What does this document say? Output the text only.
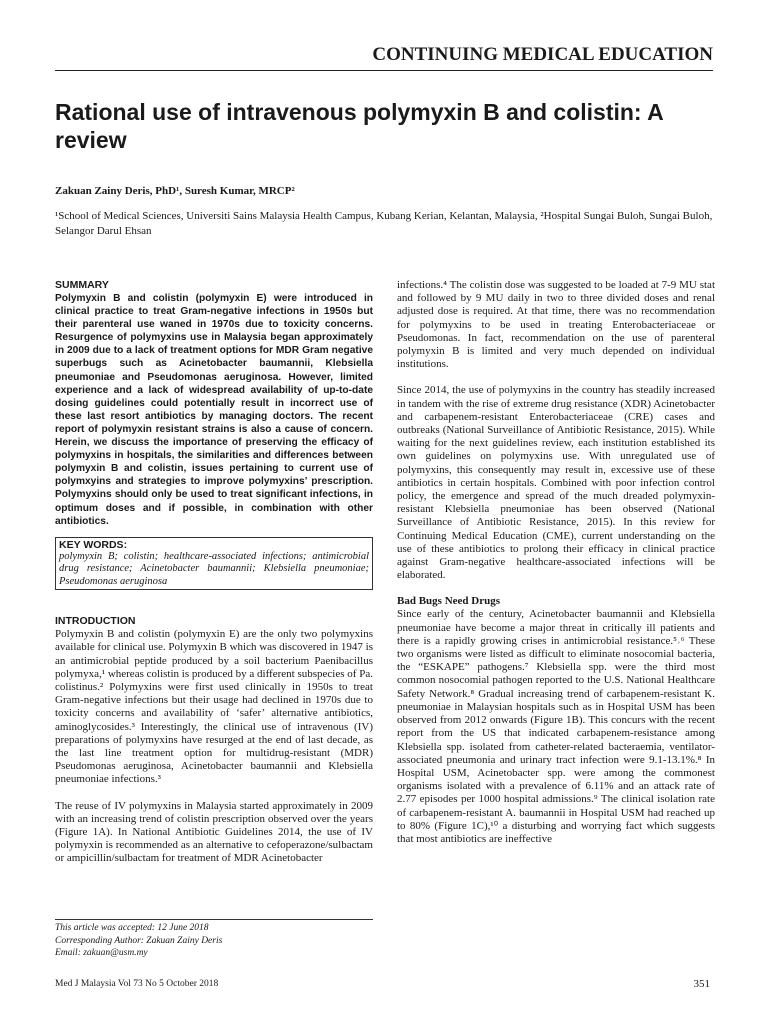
CONTINUING MEDICAL EDUCATION
Rational use of intravenous polymyxin B and colistin: A review
Zakuan Zainy Deris, PhD¹, Suresh Kumar, MRCP²
¹School of Medical Sciences, Universiti Sains Malaysia Health Campus, Kubang Kerian, Kelantan, Malaysia, ²Hospital Sungai Buloh, Sungai Buloh, Selangor Darul Ehsan
SUMMARY

Polymyxin B and colistin (polymyxin E) were introduced in clinical practice to treat Gram-negative infections in 1950s but their parenteral use waned in 1970s due to toxicity concerns. Resurgence of polymyxins use in Malaysia began approximately in 2009 due to a lack of treatment options for MDR Gram negative superbugs such as Acinetobacter baumannii, Klebsiella pneumoniae and Pseudomonas aeruginosa. However, limited experience and a lack of widespread availability of up-to-date dosing guidelines could potentially result in incorrect use of these last resort antibiotics by managing doctors. The recent report of polymyxin resistant strains is also a cause of concern. Herein, we discuss the importance of preserving the efficacy of polymyxins in hospitals, the similarities and differences between polymyxin B and colistin, issues pertaining to current use of polymxyins and strategies to improve polymyxins’ prescription. Polymyxins should only be used to treat significant infections, in optimum doses and if possible, in combination with other antibiotics.

KEY WORDS:

polymyxin B; colistin; healthcare-associated infections; antimicrobial drug resistance; Acinetobacter baumannii; Klebsiella pneumoniae; Pseudomonas aeruginosa

INTRODUCTION

Polymyxin B and colistin (polymyxin E) are the only two polymyxins available for clinical use. Polymyxin B which was discovered in 1947 is an antimicrobial peptide produced by a soil bacterium Paenibacillus polymyxa,¹ whereas colistin is produced by a different subspecies of Pa. colistinus.² Polymyxins were first used clinically in 1950s to treat Gram-negative infections but their usage had declined in 1970s due to toxicity concerns and availability of ‘safer’ alternative antibiotics, aminoglycosides.³ Interestingly, the clinical use of intravenous (IV) preparations of polymyxins have resurged at the end of last decade, as the last line treatment option for multidrug-resistant (MDR) Pseudomonas aeruginosa, Acinetobacter baumannii and Klebsiella pneumoniae infections.³

The reuse of IV polymyxins in Malaysia started approximately in 2009 with an increasing trend of colistin prescription observed over the years (Figure 1A). In National Antibiotic Guidelines 2014, the use of IV polymyxin is recommended as an alternative to cefoperazone/sulbactam or ampicillin/sulbactam for treatment of MDR Acinetobacter

infections.⁴ The colistin dose was suggested to be loaded at 7-9 MU stat and followed by 9 MU daily in two to three divided doses and renal adjusted dose is required. At that time, there was no recommendation for polymyxins to be used in treating Enterobacteriaceae or Pseudomonas. In fact, recommendation on the use of parenteral polymyxin B is limited and very much depended on individual institutions.

Since 2014, the use of polymyxins in the country has steadily increased in tandem with the rise of extreme drug resistance (XDR) Acinetobacter and carbapenem-resistant Enterobacteriaceae (CRE) cases and outbreaks (National Surveillance of Antibiotic Resistance, 2015). While waiting for the next guidelines review, each institution established its own guidelines on polymyxins use. With unregulated use of polymyxins, this consequently may result in, excessive use of these antibiotics in certain hospitals. Combined with poor infection control policy, the emergence and spread of the much dreaded polymyxin-resistant Klebsiella pneumoniae has been observed (National Surveillance of Antibiotic Resistance, 2015). In this review for Continuing Medical Education (CME), current understanding on the use of these antibiotics to prolong their efficacy in clinical practice against Gram-negative healthcare-associated infections will be elaborated.

Bad Bugs Need Drugs

Since early of the century, Acinetobacter baumannii and Klebsiella pneumoniae have become a major threat in critically ill patients and there is a rapidly growing crises in antimicrobial resistance.⁵˒⁶ These two organisms were listed as difficult to eliminate nosocomial bacteria, the “ESKAPE” pathogens.⁷ Klebsiella spp. were the third most common nosocomial pathogen reported to the U.S. National Healthcare Safety Network.⁸ Gradual increasing trend of carbapenem-resistant K. pneumoniae in Malaysian hospitals such as in Hospital USM has been observed from 2012 onwards (Figure 1B). This concurs with the recent report from the US that indicated carbapenem-resistance among Klebsiella spp. isolated from catheter-related bacteraemia, ventilator-associated pneumonia and urinary tract infection were 9.1-13.1%.⁸ In Hospital USM, Acinetobacter spp. were among the commonest organisms isolated with a prevalence of 6.11% and an attack rate of 2.77 episodes per 1000 hospital admissions.⁹ The clinical isolation rate of carbapenem-resistant A. baumannii in Hospital USM had reached up to 80% (Figure 1C),¹⁰ a disturbing and worrying fact which suggests that most antibiotics are ineffective

This article was accepted: 12 June 2018
Corresponding Author: Zakuan Zainy Deris
Email: zakuan@usm.my
Med J Malaysia Vol 73 No 5 October 2018	351
